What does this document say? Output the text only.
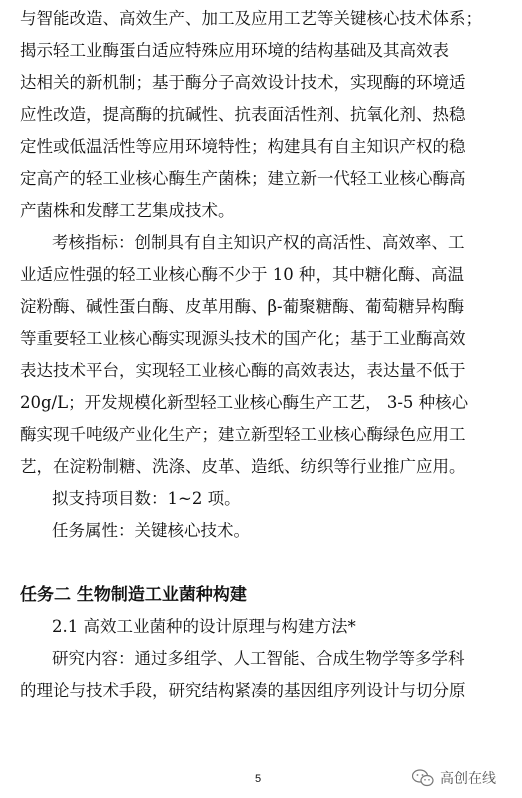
与智能改造、高效生产、加工及应用工艺等关键核心技术体系；
揭示轻工业酶蛋白适应特殊应用环境的结构基础及其高效表
达相关的新机制；基于酶分子高效设计技术，实现酶的环境适
应性改造，提高酶的抗碱性、抗表面活性剂、抗氧化剂、热稳
定性或低温活性等应用环境特性；构建具有自主知识产权的稳
定高产的轻工业核心酶生产菌株；建立新一代轻工业核心酶高
产菌株和发酵工艺集成技术。
考核指标：创制具有自主知识产权的高活性、高效率、工
业适应性强的轻工业核心酶不少于 10 种，其中糖化酶、高温
淀粉酶、碱性蛋白酶、皮革用酶、β-葡聚糖酶、葡萄糖异构酶
等重要轻工业核心酶实现源头技术的国产化；基于工业酶高效
表达技术平台，实现轻工业核心酶的高效表达，表达量不低于
20g/L；开发规模化新型轻工业核心酶生产工艺， 3-5 种核心
酶实现千吨级产业化生产；建立新型轻工业核心酶绿色应用工
艺，在淀粉制糖、洗涤、皮革、造纸、纺织等行业推广应用。
拟支持项目数：1~2 项。
任务属性：关键核心技术。
任务二 生物制造工业菌种构建
2.1 高效工业菌种的设计原理与构建方法*
研究内容：通过多组学、人工智能、合成生物学等多学科
的理论与技术手段，研究结构紧凑的基因组序列设计与切分原
5	高创在线
